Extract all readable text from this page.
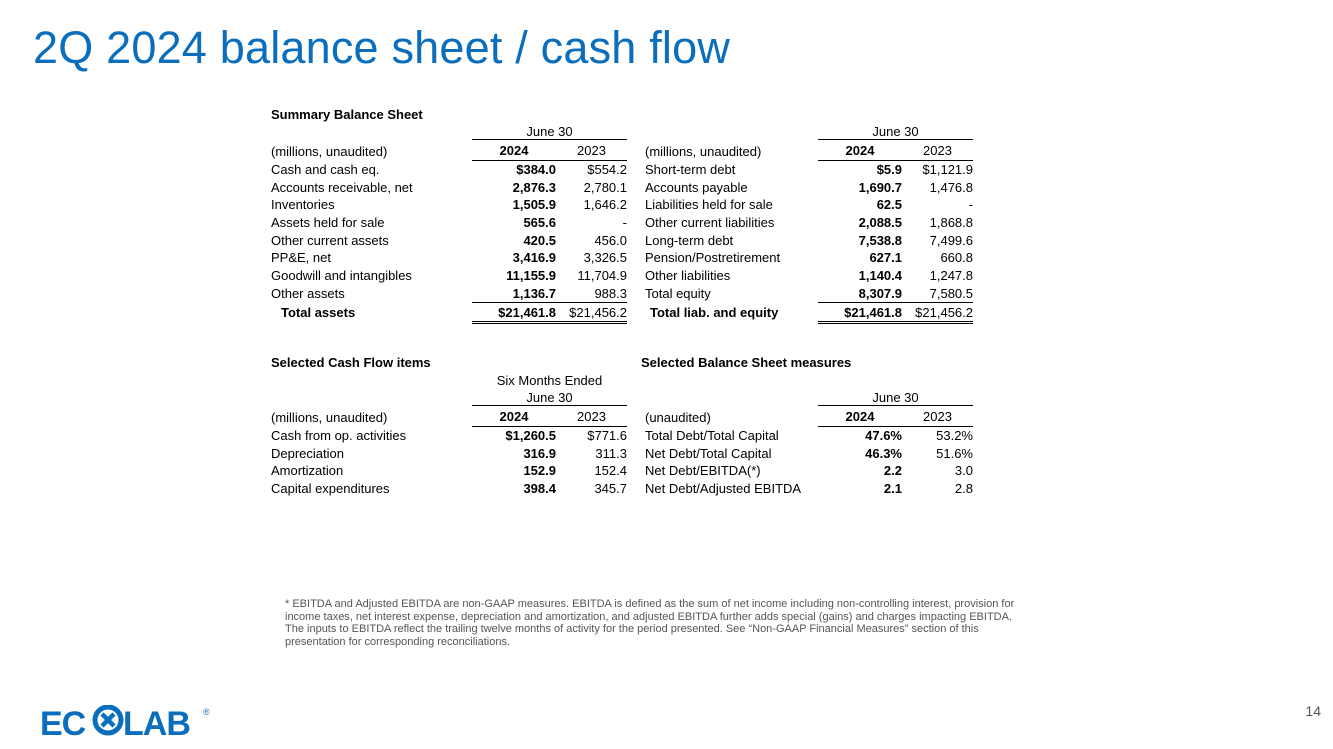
2Q 2024 balance sheet / cash flow
Summary Balance Sheet
June 30	June 30
(millions, unaudited)	2024	2023
Cash and cash eq.	$384.0	$554.2
Accounts receivable, net	2,876.3	2,780.1
Inventories	1,505.9	1,646.2
Assets held for sale	565.6	-
Other current assets	420.5	456.0
PP&E, net	3,416.9	3,326.5
Goodwill and intangibles	11,155.9	11,704.9
Other assets	1,136.7	988.3
Total assets	$21,461.8	$21,456.2
(millions, unaudited)	2024	2023
Short-term debt	$5.9	$1,121.9
Accounts payable	1,690.7	1,476.8
Liabilities held for sale	62.5	-
Other current liabilities	2,088.5	1,868.8
Long-term debt	7,538.8	7,499.6
Pension/Postretirement	627.1	660.8
Other liabilities	1,140.4	1,247.8
Total equity	8,307.9	7,580.5
Total liab. and equity	$21,461.8	$21,456.2
Selected Cash Flow items
Six Months Ended
June 30
(millions, unaudited)	2024	2023
Cash from op. activities	$1,260.5	$771.6
Depreciation	316.9	311.3
Amortization	152.9	152.4
Capital expenditures	398.4	345.7
Selected Balance Sheet measures
June 30
(unaudited)	2024	2023
Total Debt/Total Capital	47.6%	53.2%
Net Debt/Total Capital	46.3%	51.6%
Net Debt/EBITDA(*)	2.2	3.0
Net Debt/Adjusted EBITDA	2.1	2.8
* EBITDA and Adjusted EBITDA are non-GAAP measures. EBITDA is defined as the sum of net income including non-controlling interest, provision for income taxes, net interest expense, depreciation and amortization, and adjusted EBITDA further adds special (gains) and charges impacting EBITDA. The inputs to EBITDA reflect the trailing twelve months of activity for the period presented. See “Non-GAAP Financial Measures” section of this presentation for corresponding reconciliations.
EC LAB ®	14
